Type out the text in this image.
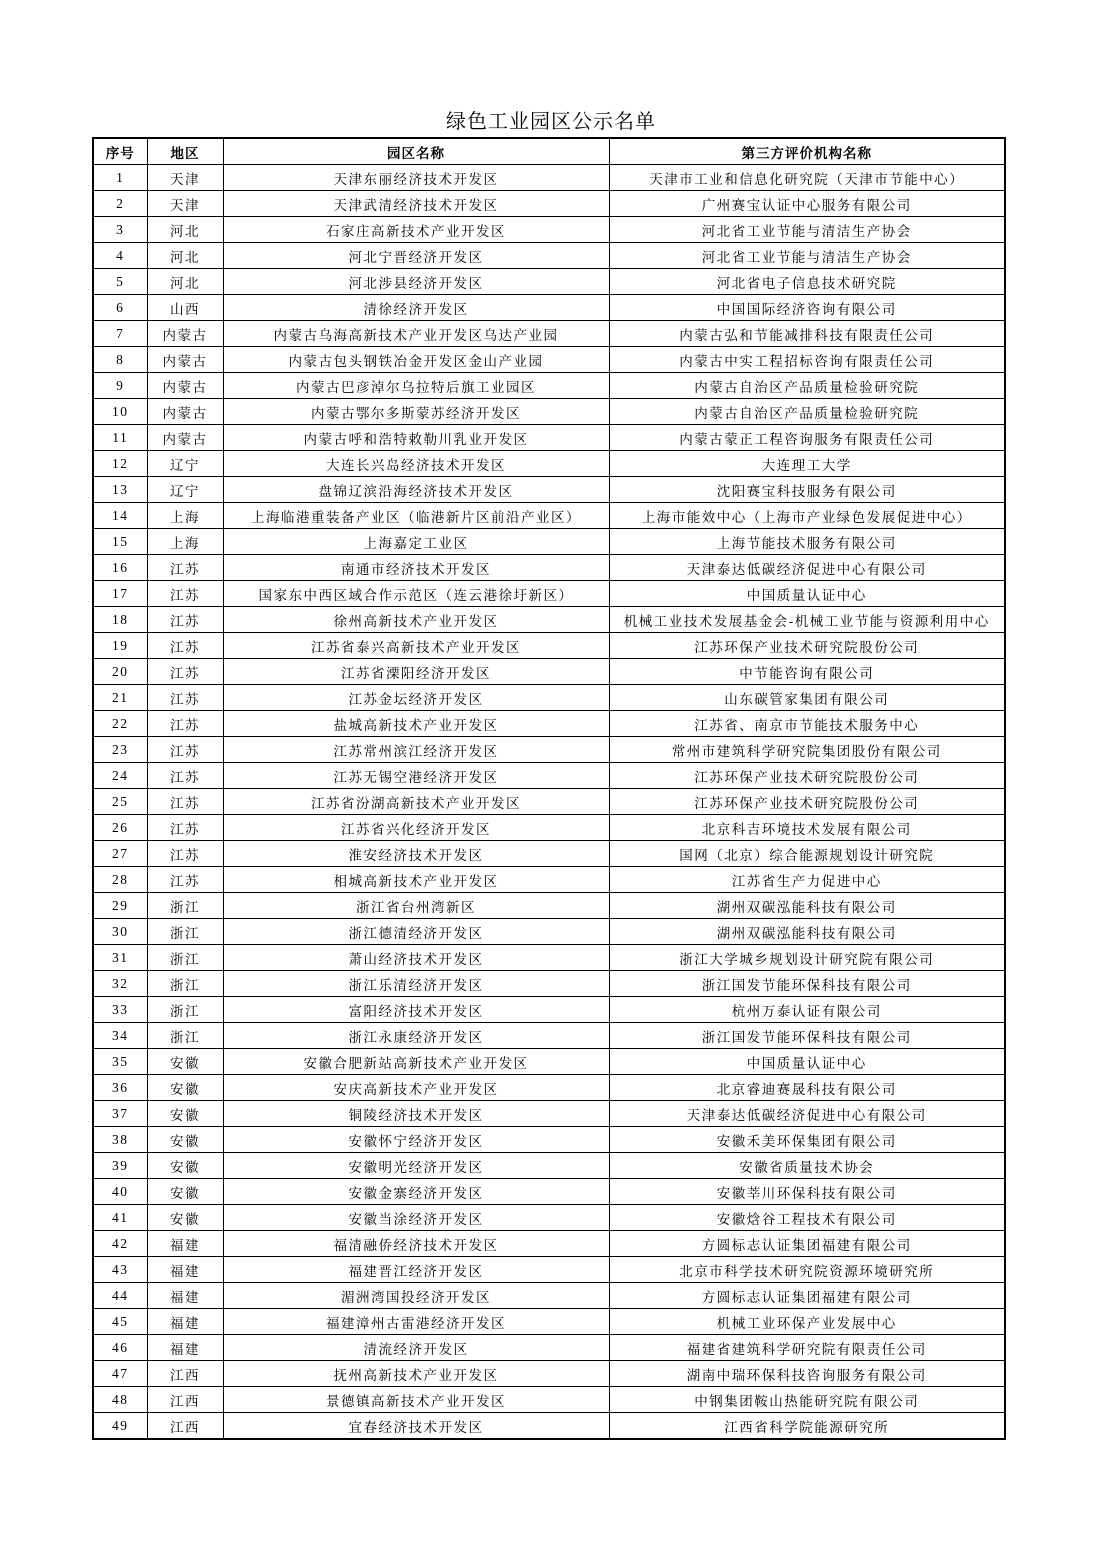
绿色工业园区公示名单
序号	地区	园区名称	第三方评价机构名称
1	天津	天津东丽经济技术开发区	天津市工业和信息化研究院（天津市节能中心）
2	天津	天津武清经济技术开发区	广州赛宝认证中心服务有限公司
3	河北	石家庄高新技术产业开发区	河北省工业节能与清洁生产协会
4	河北	河北宁晋经济开发区	河北省工业节能与清洁生产协会
5	河北	河北涉县经济开发区	河北省电子信息技术研究院
6	山西	清徐经济开发区	中国国际经济咨询有限公司
7	内蒙古	内蒙古乌海高新技术产业开发区乌达产业园	内蒙古弘和节能减排科技有限责任公司
8	内蒙古	内蒙古包头钢铁冶金开发区金山产业园	内蒙古中实工程招标咨询有限责任公司
9	内蒙古	内蒙古巴彦淖尔乌拉特后旗工业园区	内蒙古自治区产品质量检验研究院
10	内蒙古	内蒙古鄂尔多斯蒙苏经济开发区	内蒙古自治区产品质量检验研究院
11	内蒙古	内蒙古呼和浩特敕勒川乳业开发区	内蒙古蒙正工程咨询服务有限责任公司
12	辽宁	大连长兴岛经济技术开发区	大连理工大学
13	辽宁	盘锦辽滨沿海经济技术开发区	沈阳赛宝科技服务有限公司
14	上海	上海临港重装备产业区（临港新片区前沿产业区）	上海市能效中心（上海市产业绿色发展促进中心）
15	上海	上海嘉定工业区	上海节能技术服务有限公司
16	江苏	南通市经济技术开发区	天津泰达低碳经济促进中心有限公司
17	江苏	国家东中西区域合作示范区（连云港徐圩新区）	中国质量认证中心
18	江苏	徐州高新技术产业开发区	机械工业技术发展基金会-机械工业节能与资源利用中心
19	江苏	江苏省泰兴高新技术产业开发区	江苏环保产业技术研究院股份公司
20	江苏	江苏省溧阳经济开发区	中节能咨询有限公司
21	江苏	江苏金坛经济开发区	山东碳管家集团有限公司
22	江苏	盐城高新技术产业开发区	江苏省、南京市节能技术服务中心
23	江苏	江苏常州滨江经济开发区	常州市建筑科学研究院集团股份有限公司
24	江苏	江苏无锡空港经济开发区	江苏环保产业技术研究院股份公司
25	江苏	江苏省汾湖高新技术产业开发区	江苏环保产业技术研究院股份公司
26	江苏	江苏省兴化经济开发区	北京科吉环境技术发展有限公司
27	江苏	淮安经济技术开发区	国网（北京）综合能源规划设计研究院
28	江苏	相城高新技术产业开发区	江苏省生产力促进中心
29	浙江	浙江省台州湾新区	湖州双碳泓能科技有限公司
30	浙江	浙江德清经济开发区	湖州双碳泓能科技有限公司
31	浙江	萧山经济技术开发区	浙江大学城乡规划设计研究院有限公司
32	浙江	浙江乐清经济开发区	浙江国发节能环保科技有限公司
33	浙江	富阳经济技术开发区	杭州万泰认证有限公司
34	浙江	浙江永康经济开发区	浙江国发节能环保科技有限公司
35	安徽	安徽合肥新站高新技术产业开发区	中国质量认证中心
36	安徽	安庆高新技术产业开发区	北京睿迪赛晟科技有限公司
37	安徽	铜陵经济技术开发区	天津泰达低碳经济促进中心有限公司
38	安徽	安徽怀宁经济开发区	安徽禾美环保集团有限公司
39	安徽	安徽明光经济开发区	安徽省质量技术协会
40	安徽	安徽金寨经济开发区	安徽莘川环保科技有限公司
41	安徽	安徽当涂经济开发区	安徽焓谷工程技术有限公司
42	福建	福清融侨经济技术开发区	方圆标志认证集团福建有限公司
43	福建	福建晋江经济开发区	北京市科学技术研究院资源环境研究所
44	福建	湄洲湾国投经济开发区	方圆标志认证集团福建有限公司
45	福建	福建漳州古雷港经济开发区	机械工业环保产业发展中心
46	福建	清流经济开发区	福建省建筑科学研究院有限责任公司
47	江西	抚州高新技术产业开发区	湖南中瑞环保科技咨询服务有限公司
48	江西	景德镇高新技术产业开发区	中钢集团鞍山热能研究院有限公司
49	江西	宜春经济技术开发区	江西省科学院能源研究所
